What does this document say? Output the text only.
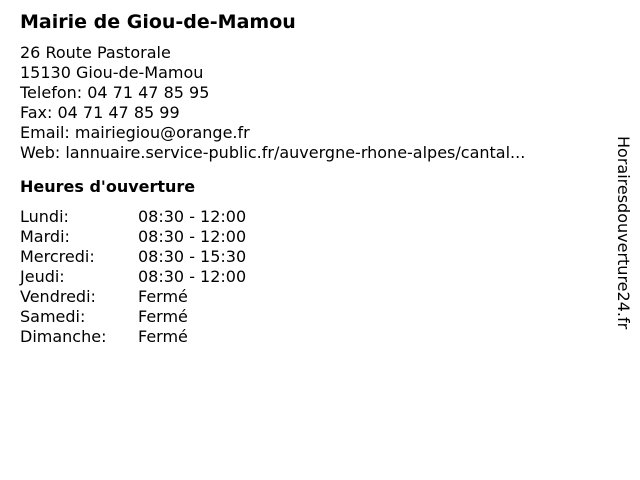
Mairie de Giou-de-Mamou
26 Route Pastorale
15130 Giou-de-Mamou
Telefon: 04 71 47 85 95
Fax: 04 71 47 85 99
Email: mairiegiou@orange.fr
Web: lannuaire.service-public.fr/auvergne-rhone-alpes/cantal...
Heures d'ouverture
Lundi:	08:30 - 12:00
Mardi:	08:30 - 12:00
Mercredi:	08:30 - 15:30
Jeudi:	08:30 - 12:00
Vendredi:	Fermé
Samedi:	Fermé
Dimanche:	Fermé
Horairesdouverture24.fr
